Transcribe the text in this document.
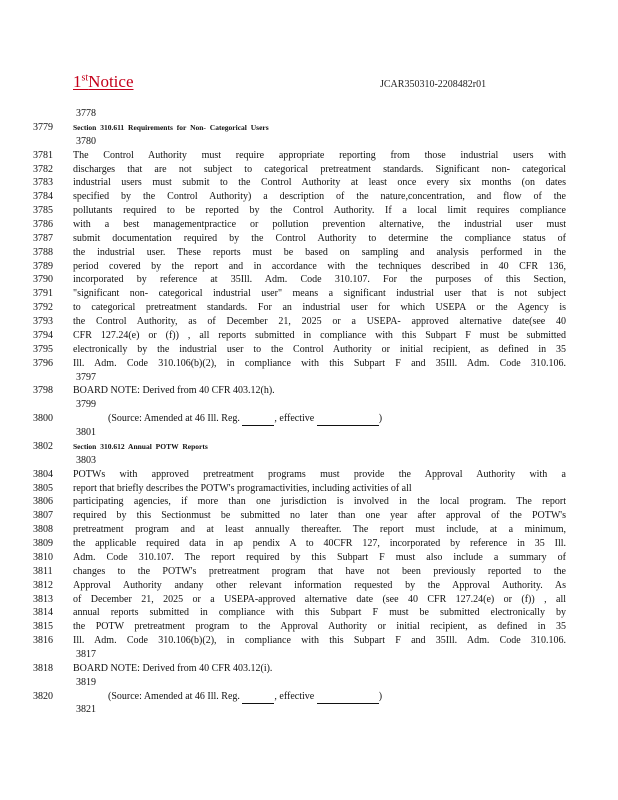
1stNotice	JCAR350310-2208482r01
3778
3779	Section 310.611 Requirements for Non- Categorical Users
3780
3781	The Control Authority must require appropriate reporting from those industrial users with
3782	discharges that are not subject to categorical pretreatment standards. Significant non- categorical
3783	industrial users must submit to the Control Authority at least once every six months (on dates
3784	specified by the Control Authority) a description of the nature,concentration, and flow of the
3785	pollutants required to be reported by the Control Authority. If a local limit requires compliance
3786	with a best managementpractice or pollution prevention alternative, the industrial user must
3787	submit documentation required by the Control Authority to determine the compliance status of
3788	the industrial user. These reports must be based on sampling and analysis performed in the
3789	period covered by the report and in accordance with the techniques described in 40 CFR 136,
3790	incorporated by reference at 35Ill. Adm. Code 310.107. For the purposes of this Section,
3791	"significant non- categorical industrial user" means a significant industrial user that is not subject
3792	to categorical pretreatment standards. For an industrial user for which USEPA or the Agency is
3793	the Control Authority, as of December 21, 2025 or a USEPA- approved alternative date(see 40
3794	CFR 127.24(e) or (f)) , all reports submitted in compliance with this Subpart F must be submitted
3795	electronically by the industrial user to the Control Authority or initial recipient, as defined in 35
3796	Ill. Adm. Code 310.106(b)(2), in compliance with this Subpart F and 35Ill. Adm. Code 310.106.
3797
3798	BOARD NOTE: Derived from 40 CFR 403.12(h).
3799
3800	(Source: Amended at 46 Ill. Reg.	, effective	)
3801
3802	Section 310.612 Annual POTW Reports
3803
3804	POTWs with approved pretreatment programs must provide the Approval Authority with a
3805	report that briefly describes the POTW's programactivities, including activities of all
3806	participating agencies, if more than one jurisdiction is involved in the local program. The report
3807	required by this Sectionmust be submitted no later than one year after approval of the POTW's
3808	pretreatment program and at least annually thereafter. The report must include, at a minimum,
3809	the applicable required data in ap pendix A to 40CFR 127, incorporated by reference in 35 Ill.
3810	Adm. Code 310.107. The report required by this Subpart F must also include a summary of
3811	changes to the POTW's pretreatment program that have not been previously reported to the
3812	Approval Authority andany other relevant information requested by the Approval Authority. As
3813	of December 21, 2025 or a USEPA-approved alternative date (see 40 CFR 127.24(e) or (f)) , all
3814	annual reports submitted in compliance with this Subpart F must be submitted electronically by
3815	the POTW pretreatment program to the Approval Authority or initial recipient, as defined in 35
3816	Ill. Adm. Code 310.106(b)(2), in compliance with this Subpart F and 35Ill. Adm. Code 310.106.
3817
3818	BOARD NOTE: Derived from 40 CFR 403.12(i).
3819
3820	(Source: Amended at 46 Ill. Reg.	, effective	)
3821
